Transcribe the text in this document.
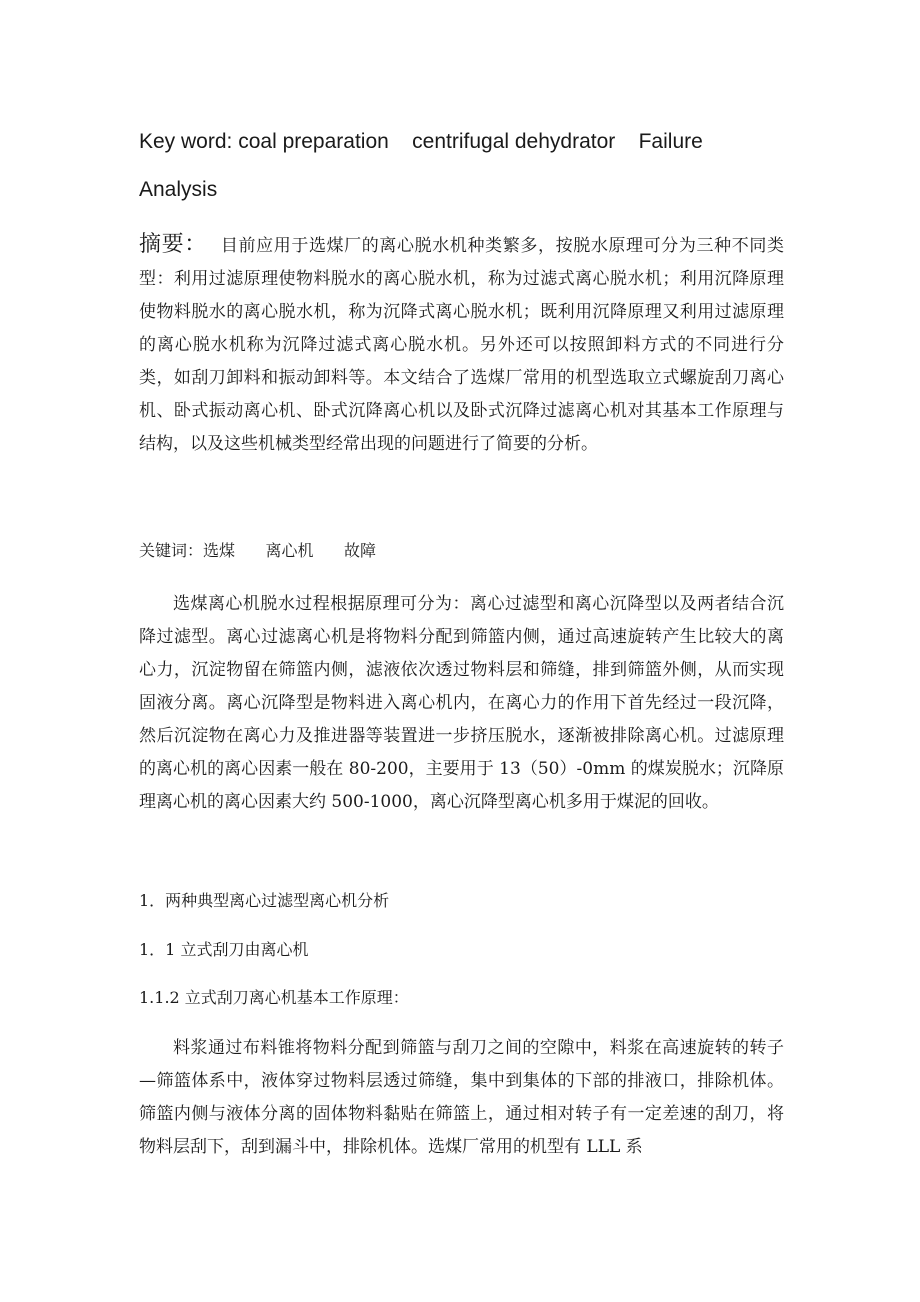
Key word: coal preparation    centrifugal dehydrator    Failure Analysis
摘要： 目前应用于选煤厂的离心脱水机种类繁多，按脱水原理可分为三种不同类型：利用过滤原理使物料脱水的离心脱水机，称为过滤式离心脱水机；利用沉降原理使物料脱水的离心脱水机，称为沉降式离心脱水机；既利用沉降原理又利用过滤原理的离心脱水机称为沉降过滤式离心脱水机。另外还可以按照卸料方式的不同进行分类，如刮刀卸料和振动卸料等。本文结合了选煤厂常用的机型选取立式螺旋刮刀离心机、卧式振动离心机、卧式沉降离心机以及卧式沉降过滤离心机对其基本工作原理与结构，以及这些机械类型经常出现的问题进行了简要的分析。
关键词：选煤      离心机      故障
选煤离心机脱水过程根据原理可分为：离心过滤型和离心沉降型以及两者结合沉降过滤型。离心过滤离心机是将物料分配到筛篮内侧，通过高速旋转产生比较大的离心力，沉淀物留在筛篮内侧，滤液依次透过物料层和筛缝，排到筛篮外侧，从而实现固液分离。离心沉降型是物料进入离心机内，在离心力的作用下首先经过一段沉降，然后沉淀物在离心力及推进器等装置进一步挤压脱水，逐渐被排除离心机。过滤原理的离心机的离心因素一般在 80-200，主要用于 13（50）-0mm 的煤炭脱水；沉降原理离心机的离心因素大约 500-1000，离心沉降型离心机多用于煤泥的回收。
1．两种典型离心过滤型离心机分析
1．1 立式刮刀由离心机
1.1.2 立式刮刀离心机基本工作原理：
料浆通过布料锥将物料分配到筛篮与刮刀之间的空隙中，料浆在高速旋转的转子—筛篮体系中，液体穿过物料层透过筛缝，集中到集体的下部的排液口，排除机体。筛篮内侧与液体分离的固体物料黏贴在筛篮上，通过相对转子有一定差速的刮刀，将物料层刮下，刮到漏斗中，排除机体。选煤厂常用的机型有 LLL 系
